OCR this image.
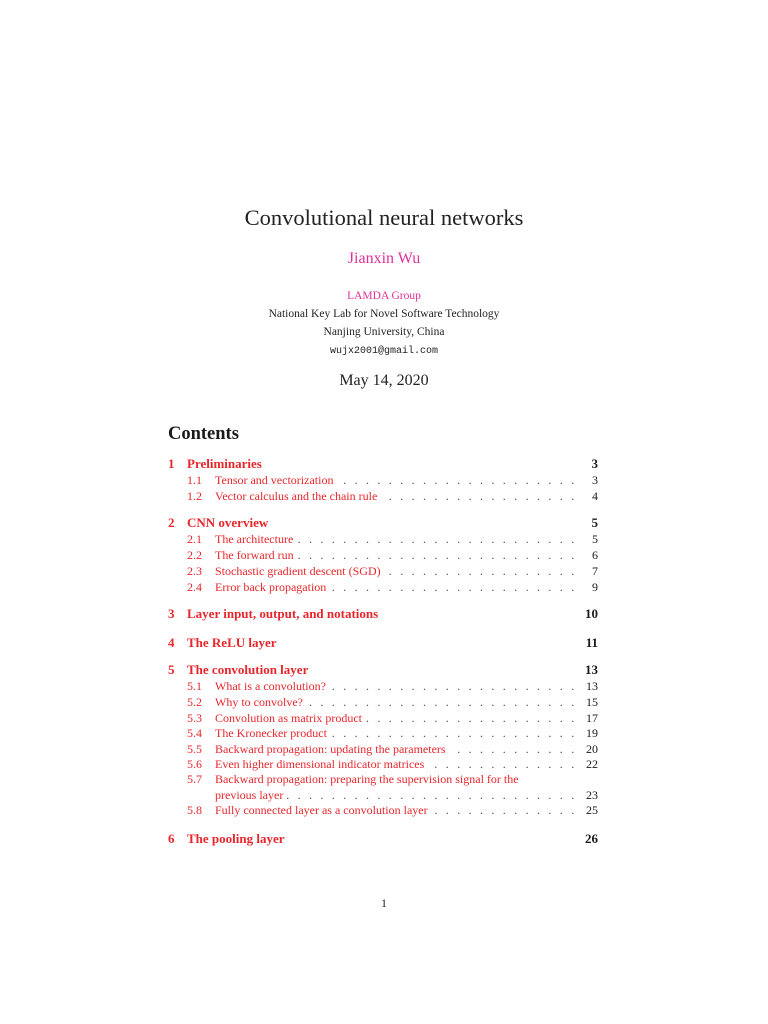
Convolutional neural networks
Jianxin Wu
LAMDA Group
National Key Lab for Novel Software Technology
Nanjing University, China
wujx2001@gmail.com
May 14, 2020
Contents
1 Preliminaries	3
1.1 . . . Tensor and vectorization	3
1.2 . . . Vector calculus and the chain rule	4
2 CNN overview	5
2.1 . . . The architecture	5
2.2 . . . The forward run	6
2.3 . . . Stochastic gradient descent (SGD)	7
2.4 . . . Error back propagation	9
3 Layer input, output, and notations	10
4 The ReLU layer	11
5 The convolution layer	13
5.1 . . . What is a convolution?	13
5.2 . . . Why to convolve?	15
5.3 . . . Convolution as matrix product	17
5.4 . . . The Kronecker product	19
5.5 . . . Backward propagation: updating the parameters	20
5.6 . . . Even higher dimensional indicator matrices	22
5.7 Backward propagation: preparing the supervision signal for the
. . .
previous layer	23
5.8 . . . Fully connected layer as a convolution layer	25
6 The pooling layer	26
1
